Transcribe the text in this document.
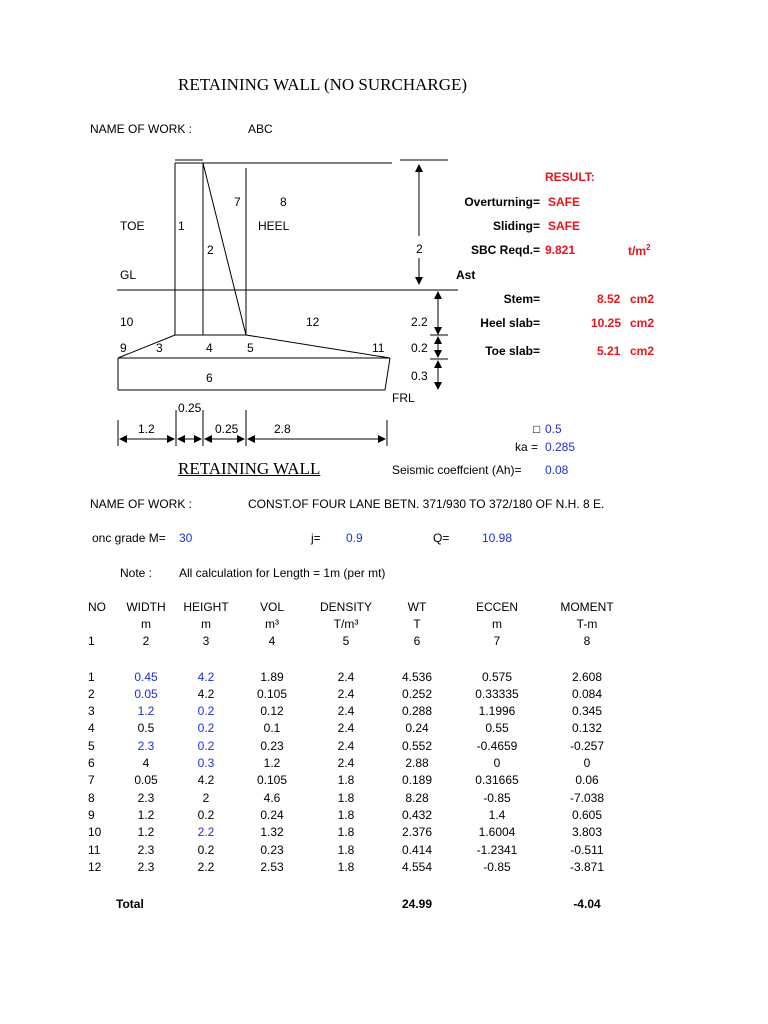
RETAINING WALL (NO SURCHARGE)
NAME OF WORK :	ABC
7	8
TOE	1	HEEL
2	2
GL
10	12	2.2
9 3	4	5	11 0.2
6	0.3
FRL
0.25
1.2	0.25	2.8
RESULT:
Overturning= SAFE
Sliding= SAFE
SBC Reqd.= 9.821	$t/m^2$
Ast
Stem=	8.52 cm2
Heel slab=	10.25 cm2
Toe slab=	5.21 cm2
□ 0.5
ka = 0.285
RETAINING WALL	Seismic coeffcient (Ah)= 0.08
NAME OF WORK :	CONST.OF FOUR LANE BETN. 371/930 TO 372/180 OF N.H. 8 E.
onc grade M= 30	j= 0.9	Q=	10.98
Note : All calculation for Length = 1m (per mt)
NO	WIDTH	HEIGHT	VOL	DENSITY	WT	ECCEN	MOMENT
	m	m	m³	T/m³	T	m	T-m
1	2	3	4	5	6	7	8

1	0.45	4.2	1.89	2.4	4.536	0.575	2.608
2	0.05	4.2	0.105	2.4	0.252	0.33335	0.084
3	1.2	0.2	0.12	2.4	0.288	1.1996	0.345
4	0.5	0.2	0.1	2.4	0.24	0.55	0.132
5	2.3	0.2	0.23	2.4	0.552	-0.4659	-0.257
6	4	0.3	1.2	2.4	2.88	0	0
7	0.05	4.2	0.105	1.8	0.189	0.31665	0.06
8	2.3	2	4.6	1.8	8.28	-0.85	-7.038
9	1.2	0.2	0.24	1.8	0.432	1.4	0.605
10	1.2	2.2	1.32	1.8	2.376	1.6004	3.803
11	2.3	0.2	0.23	1.8	0.414	-1.2341	-0.511
12	2.3	2.2	2.53	1.8	4.554	-0.85	-3.871

	Total				24.99		-4.04
